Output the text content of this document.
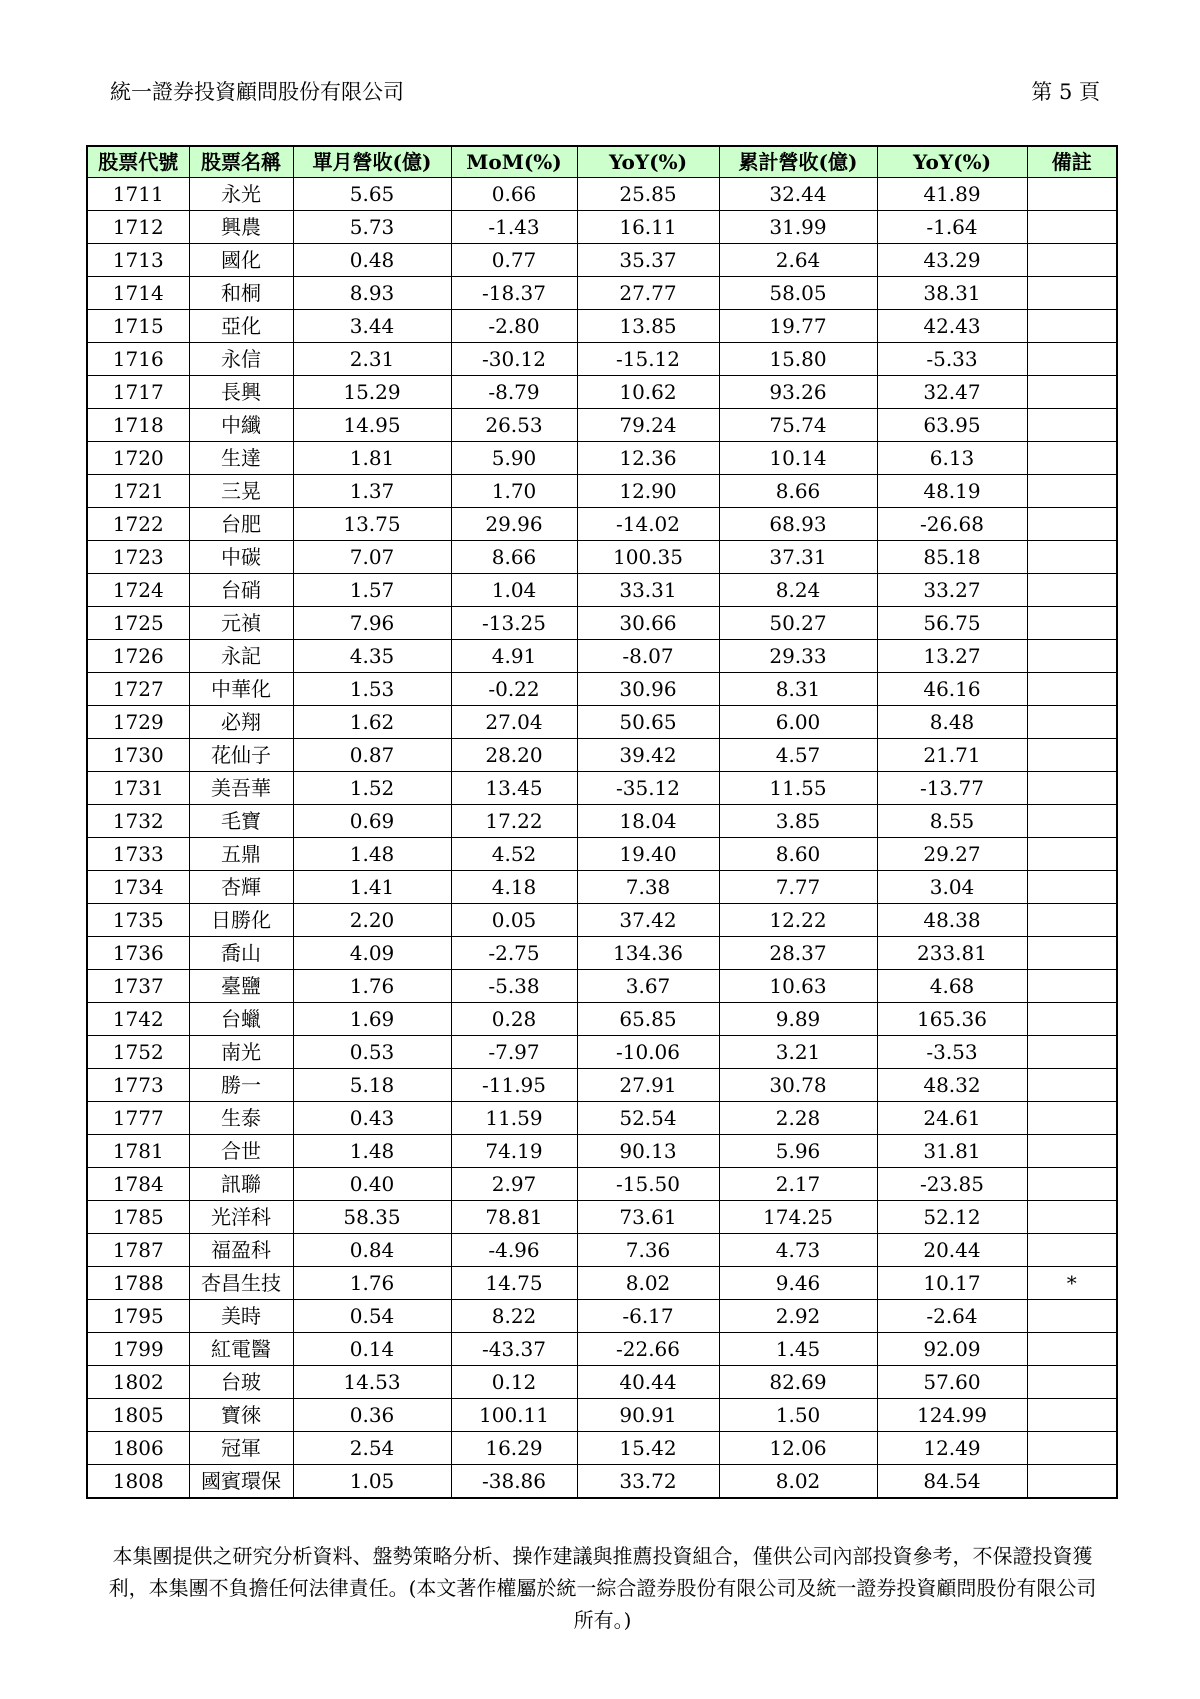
統一證券投資顧問股份有限公司	第 5 頁
股票代號	股票名稱	單月營收(億)	MoM(%)	YoY(%)	累計營收(億)	YoY(%)	備註
1711	永光	5.65	0.66	25.85	32.44	41.89	
1712	興農	5.73	-1.43	16.11	31.99	-1.64	
1713	國化	0.48	0.77	35.37	2.64	43.29	
1714	和桐	8.93	-18.37	27.77	58.05	38.31	
1715	亞化	3.44	-2.80	13.85	19.77	42.43	
1716	永信	2.31	-30.12	-15.12	15.80	-5.33	
1717	長興	15.29	-8.79	10.62	93.26	32.47	
1718	中纖	14.95	26.53	79.24	75.74	63.95	
1720	生達	1.81	5.90	12.36	10.14	6.13	
1721	三晃	1.37	1.70	12.90	8.66	48.19	
1722	台肥	13.75	29.96	-14.02	68.93	-26.68	
1723	中碳	7.07	8.66	100.35	37.31	85.18	
1724	台硝	1.57	1.04	33.31	8.24	33.27	
1725	元禎	7.96	-13.25	30.66	50.27	56.75	
1726	永記	4.35	4.91	-8.07	29.33	13.27	
1727	中華化	1.53	-0.22	30.96	8.31	46.16	
1729	必翔	1.62	27.04	50.65	6.00	8.48	
1730	花仙子	0.87	28.20	39.42	4.57	21.71	
1731	美吾華	1.52	13.45	-35.12	11.55	-13.77	
1732	毛寶	0.69	17.22	18.04	3.85	8.55	
1733	五鼎	1.48	4.52	19.40	8.60	29.27	
1734	杏輝	1.41	4.18	7.38	7.77	3.04	
1735	日勝化	2.20	0.05	37.42	12.22	48.38	
1736	喬山	4.09	-2.75	134.36	28.37	233.81	
1737	臺鹽	1.76	-5.38	3.67	10.63	4.68	
1742	台蠟	1.69	0.28	65.85	9.89	165.36	
1752	南光	0.53	-7.97	-10.06	3.21	-3.53	
1773	勝一	5.18	-11.95	27.91	30.78	48.32	
1777	生泰	0.43	11.59	52.54	2.28	24.61	
1781	合世	1.48	74.19	90.13	5.96	31.81	
1784	訊聯	0.40	2.97	-15.50	2.17	-23.85	
1785	光洋科	58.35	78.81	73.61	174.25	52.12	
1787	福盈科	0.84	-4.96	7.36	4.73	20.44	
1788	杏昌生技	1.76	14.75	8.02	9.46	10.17	*
1795	美時	0.54	8.22	-6.17	2.92	-2.64	
1799	紅電醫	0.14	-43.37	-22.66	1.45	92.09	
1802	台玻	14.53	0.12	40.44	82.69	57.60	
1805	寶徠	0.36	100.11	90.91	1.50	124.99	
1806	冠軍	2.54	16.29	15.42	12.06	12.49	
1808	國賓環保	1.05	-38.86	33.72	8.02	84.54	
本集團提供之研究分析資料、盤勢策略分析、操作建議與推薦投資組合，僅供公司內部投資參考，不保證投資獲利，本集團不負擔任何法律責任。(本文著作權屬於統一綜合證券股份有限公司及統一證券投資顧問股份有限公司所有。)
